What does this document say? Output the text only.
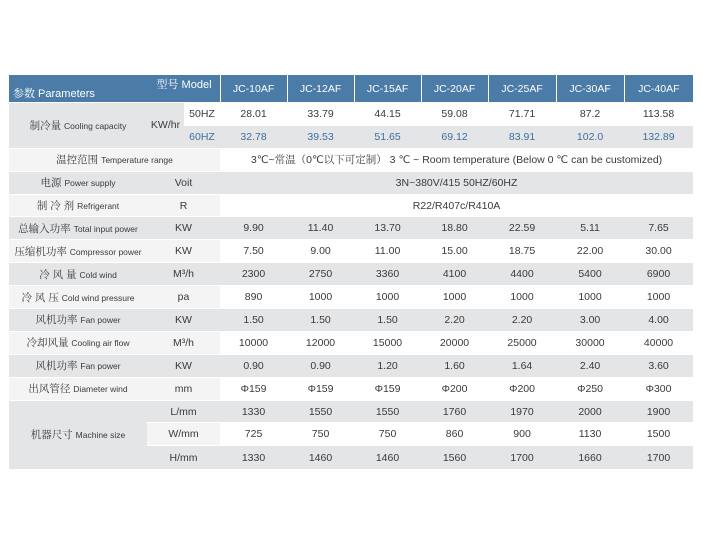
型号 Model
参数 Parameters			JC-10AF	JC-12AF	JC-15AF	JC-20AF	JC-25AF	JC-30AF	JC-40AF
制冷量 Cooling capacity	KW/hr	50HZ	28.01	33.79	44.15	59.08	71.71	87.2	113.58
		60HZ	32.78	39.53	51.65	69.12	83.91	102.0	132.89
温控范围 Temperature range			3℃~常温（0℃以下可定制） 3 ℃ ~ Room temperature (Below 0 ℃ can be customized)						
电源 Power supply	Voit		3N~380V/415 50HZ/60HZ						
制 冷 剂 Refrigerant	R		R22/R407c/R410A						
总输入功率 Total input power	KW		9.90	11.40	13.70	18.80	22.59	5.11	7.65
压缩机功率 Compressor power	KW		7.50	9.00	11.00	15.00	18.75	22.00	30.00
冷 风 量 Cold wind	M³/h		2300	2750	3360	4100	4400	5400	6900
冷 风 压 Cold wind pressure	pa		890	1000	1000	1000	1000	1000	1000
风机功率 Fan power	KW		1.50	1.50	1.50	2.20	2.20	3.00	4.00
冷却风量 Cooling air flow	M³/h		10000	12000	15000	20000	25000	30000	40000
风机功率 Fan power	KW		0.90	0.90	1.20	1.60	1.64	2.40	3.60
出风管径 Diameter wind	mm		Φ159	Φ159	Φ159	Φ200	Φ200	Φ250	Φ300
机器尺寸 Machine size	L/mm		1330	1550	1550	1760	1970	2000	1900
	W/mm		725	750	750	860	900	1130	1500
	H/mm		1330	1460	1460	1560	1700	1660	1700
